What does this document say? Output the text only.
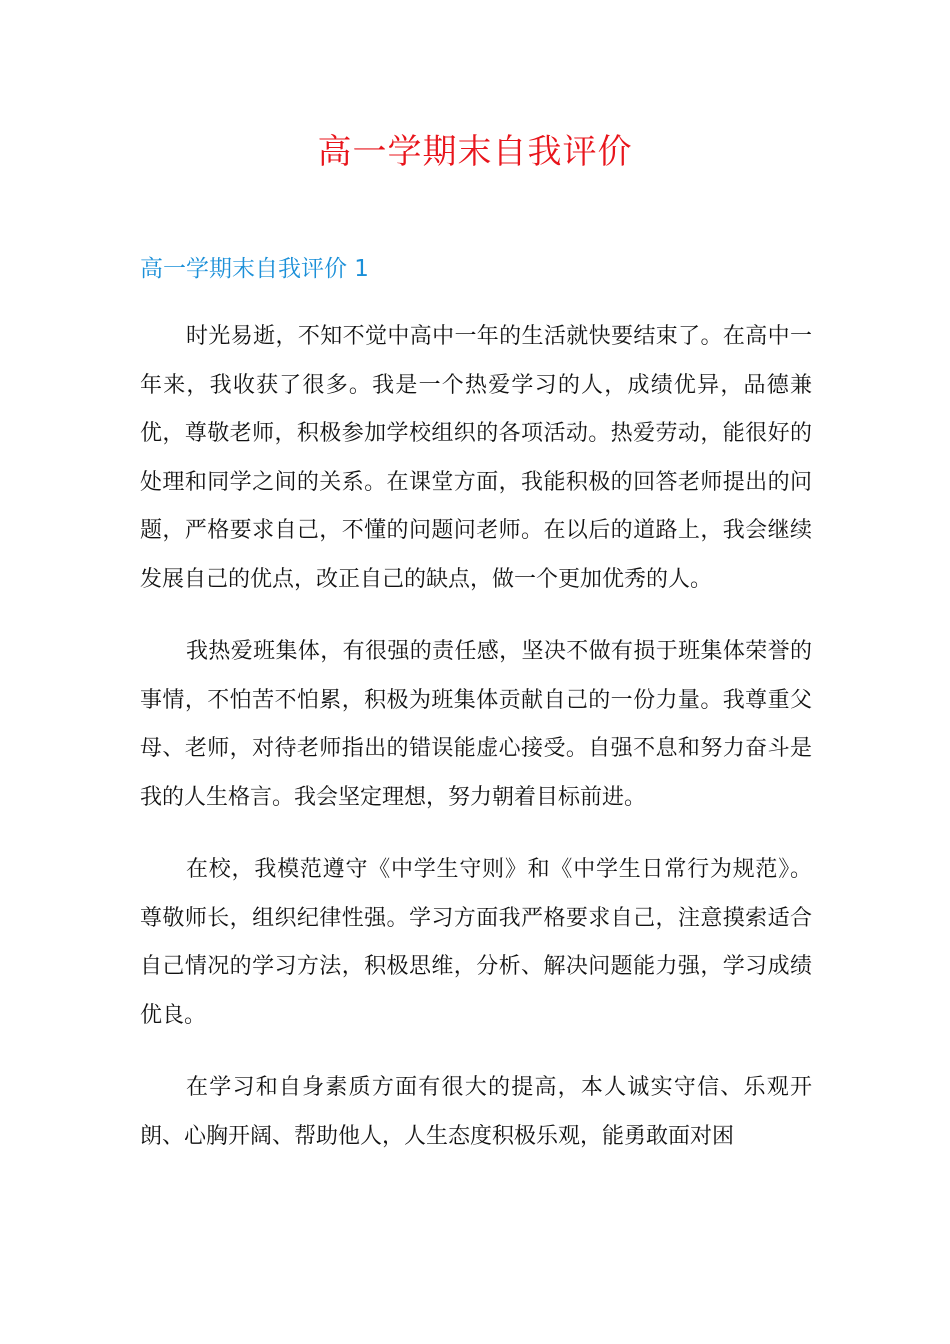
高一学期末自我评价
高一学期末自我评价 1

时光易逝，不知不觉中高中一年的生活就快要结束了。在高中一年来，我收获了很多。我是一个热爱学习的人，成绩优异，品德兼优，尊敬老师，积极参加学校组织的各项活动。热爱劳动，能很好的处理和同学之间的关系。在课堂方面，我能积极的回答老师提出的问题，严格要求自己，不懂的问题问老师。在以后的道路上，我会继续发展自己的优点，改正自己的缺点，做一个更加优秀的人。

我热爱班集体，有很强的责任感，坚决不做有损于班集体荣誉的事情，不怕苦不怕累，积极为班集体贡献自己的一份力量。我尊重父母、老师，对待老师指出的错误能虚心接受。自强不息和努力奋斗是我的人生格言。我会坚定理想，努力朝着目标前进。

在校，我模范遵守《中学生守则》和《中学生日常行为规范》。尊敬师长，组织纪律性强。学习方面我严格要求自己，注意摸索适合自己情况的学习方法，积极思维，分析、解决问题能力强，学习成绩优良。

在学习和自身素质方面有很大的提高，本人诚实守信、乐观开朗、心胸开阔、帮助他人，人生态度积极乐观，能勇敢面对困
